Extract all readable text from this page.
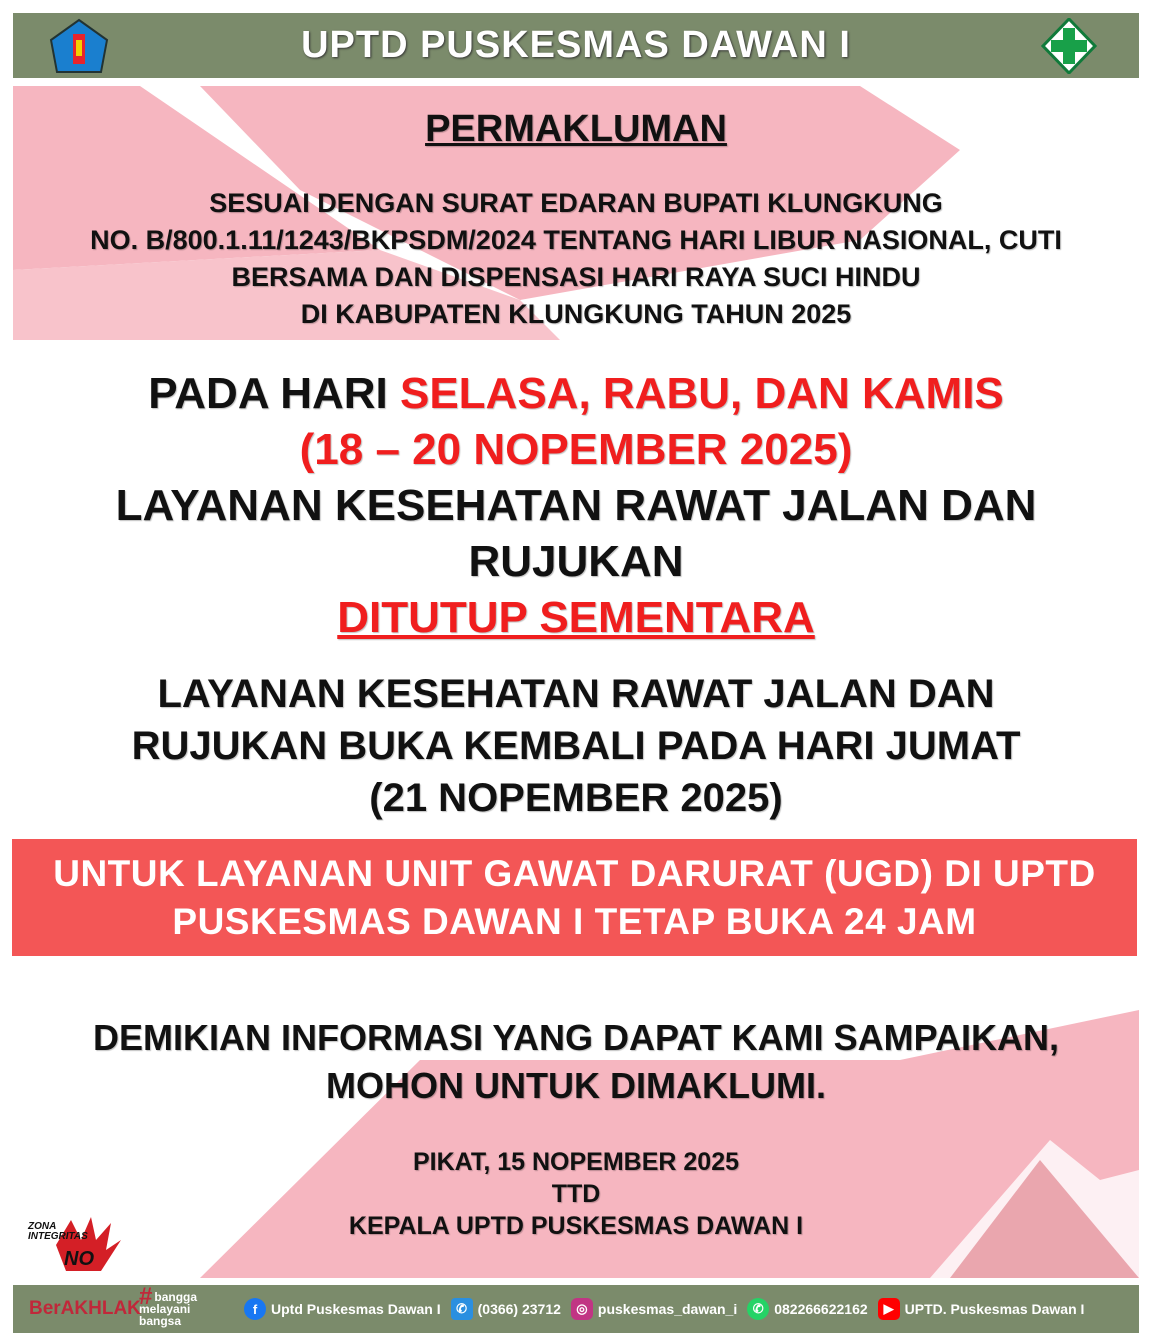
UPTD PUSKESMAS DAWAN I
PERMAKLUMAN
SESUAI DENGAN SURAT EDARAN BUPATI KLUNGKUNG
NO. B/800.1.11/1243/BKPSDM/2024 TENTANG HARI LIBUR NASIONAL, CUTI
BERSAMA DAN DISPENSASI HARI RAYA SUCI HINDU
DI KABUPATEN KLUNGKUNG TAHUN 2025
PADA HARI SELASA, RABU, DAN KAMIS
(18 – 20 NOPEMBER 2025)
LAYANAN KESEHATAN RAWAT JALAN DAN
RUJUKAN
DITUTUP SEMENTARA
LAYANAN KESEHATAN RAWAT JALAN DAN
RUJUKAN BUKA KEMBALI PADA HARI JUMAT
(21 NOPEMBER 2025)
UNTUK LAYANAN UNIT GAWAT DARURAT (UGD) DI UPTD
PUSKESMAS DAWAN I TETAP BUKA 24 JAM
DEMIKIAN INFORMASI YANG DAPAT KAMI SAMPAIKAN,
MOHON UNTUK DIMAKLUMI.
PIKAT, 15 NOPEMBER 2025
TTD
KEPALA UPTD PUSKESMAS DAWAN I
ZONA
INTEGRITAS
NO
BerAKHLAK
# bangga
melayani
bangsa
f Uptd Puskesmas Dawan I	✆ (0366) 23712	◎ puskesmas_dawan_i	✆ 082266622162	▶ UPTD. Puskesmas Dawan I
